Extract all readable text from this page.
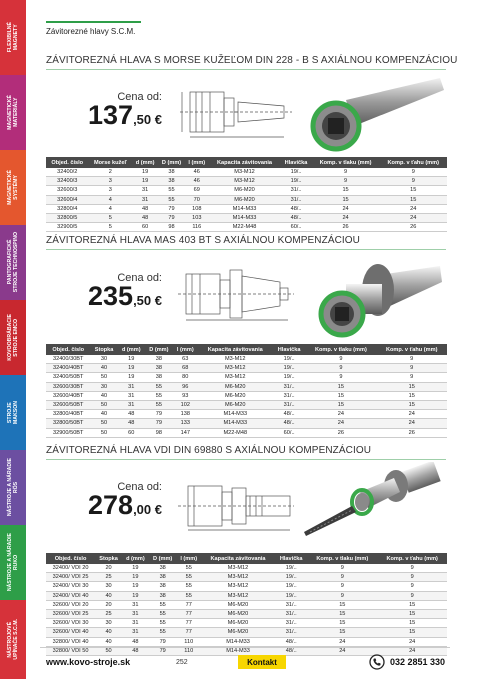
FLEXIBILNÉ
MAGNETY
MAGNETICKÉ
MATERIÁLY
MAGNETICKÉ
SYSTÉMY
PANTOGRAFICKÉ
STROJE TECHNOSPINO
KOVOOBRÁBACIE
STROJE EMCO
STROJE
MAKSON
NÁSTROJE A NÁRADIE
RÖS
NÁSTROJE A NÁRADIE
RUKO
NÁSTROJOVÉ
UPÍNAČE S.C.M.
Závitorezné hlavy S.C.M.
ZÁVITOREZNÁ HLAVA S MORSE KUŽEĽOM DIN 228 - B S AXIÁLNOU KOMPENZÁCIOU
Cena od:
137,50 €
Objed. číslo	Morse kužeľ	d (mm)	D (mm)	l (mm)	Kapacita závitovania	Hlavička	Komp. v tlaku (mm)	Komp. v ťahu (mm)
32400/2	2	19	38	46	M3-M12	19/..	9	9
32400/3	3	19	38	46	M3-M12	19/..	9	9
32600/3	3	31	55	69	M6-M20	31/..	15	15
32600/4	4	31	55	70	M6-M20	31/..	15	15
32800/4	4	48	79	108	M14-M33	48/..	24	24
32800/5	5	48	79	103	M14-M33	48/..	24	24
32900/5	5	60	98	116	M22-M48	60/..	26	26
ZÁVITOREZNÁ HLAVA MAS 403 BT S AXIÁLNOU KOMPENZÁCIOU
Cena od:
235,50 €
Objed. číslo	Stopka	d (mm)	D (mm)	l (mm)	Kapacita závitovania	Hlavička	Komp. v tlaku (mm)	Komp. v ťahu (mm)
32400/30BT	30	19	38	63	M3-M12	19/..	9	9
32400/40BT	40	19	38	68	M3-M12	19/..	9	9
32400/50BT	50	19	38	80	M3-M12	19/..	9	9
32600/30BT	30	31	55	96	M6-M20	31/..	15	15
32600/40BT	40	31	55	93	M6-M20	31/..	15	15
32600/50BT	50	31	55	102	M6-M20	31/..	15	15
32800/40BT	40	48	79	138	M14-M33	48/..	24	24
32800/50BT	50	48	79	133	M14-M33	48/..	24	24
32900/50BT	50	60	98	147	M22-M48	60/..	26	26
ZÁVITOREZNÁ HLAVA VDI DIN 69880 S AXIÁLNOU KOMPENZÁCIOU
Cena od:
278,00 €
Objed. číslo	Stopka	d (mm)	D (mm)	l (mm)	Kapacita závitovania	Hlavička	Komp. v tlaku (mm)	Komp. v ťahu (mm)
32400/ VDI 20	20	19	38	55	M3-M12	19/..	9	9
32400/ VDI 25	25	19	38	55	M3-M12	19/..	9	9
32400/ VDI 30	30	19	38	55	M3-M12	19/..	9	9
32400/ VDI 40	40	19	38	55	M3-M12	19/..	9	9
32600/ VDI 20	20	31	55	77	M6-M20	31/..	15	15
32600/ VDI 25	25	31	55	77	M6-M20	31/..	15	15
32600/ VDI 30	30	31	55	77	M6-M20	31/..	15	15
32600/ VDI 40	40	31	55	77	M6-M20	31/..	15	15
32800/ VDI 40	40	48	79	110	M14-M33	48/..	24	24
32800/ VDI 50	50	48	79	110	M14-M33	48/..	24	24
www.kovo-stroje.sk	252	Kontakt	032 2851 330
